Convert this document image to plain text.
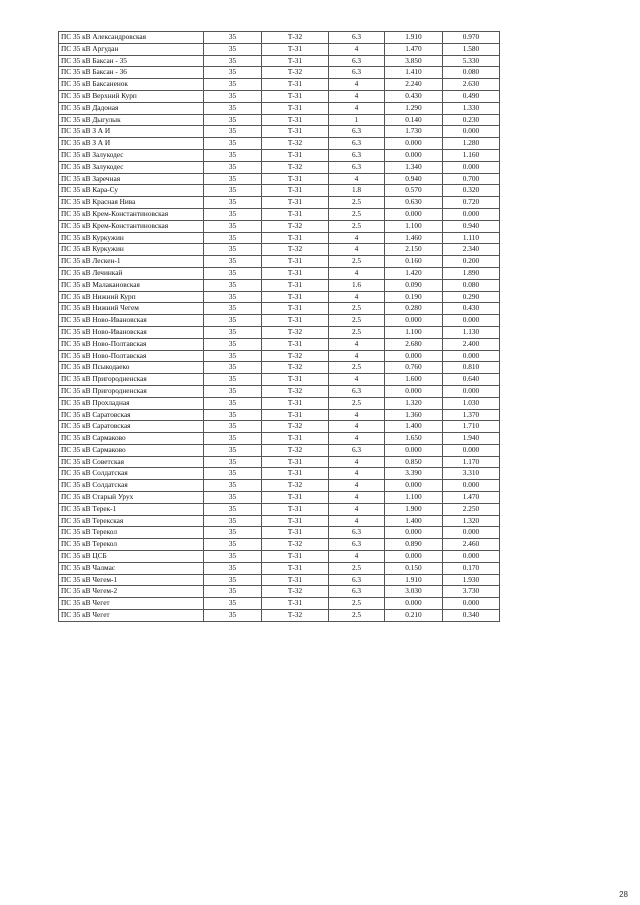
ПС 35 кВ Александровская	35	Т-32	6.3	1.910	0.970
ПС 35 кВ Аргудан	35	Т-31	4	1.470	1.580
ПС 35 кВ Баксан - 35	35	Т-31	6.3	3.850	5.330
ПС 35 кВ Баксан - 36	35	Т-32	6.3	1.410	0.080
ПС 35 кВ Баксаненок	35	Т-31	4	2.240	2.630
ПС 35 кВ Верхний Курп	35	Т-31	4	0.430	0.490
ПС 35 кВ Дадоная	35	Т-31	4	1.290	1.330
ПС 35 кВ Дыгулык	35	Т-31	1	0.140	0.230
ПС 35 кВ З А И	35	Т-31	6.3	1.730	0.000
ПС 35 кВ З А И	35	Т-32	6.3	0.000	1.280
ПС 35 кВ Залукодес	35	Т-31	6.3	0.000	1.160
ПС 35 кВ Залукодес	35	Т-32	6.3	1.340	0.000
ПС 35 кВ Заречная	35	Т-31	4	0.940	0.700
ПС 35 кВ Кара-Су	35	Т-31	1.8	0.570	0.320
ПС 35 кВ Красная Нива	35	Т-31	2.5	0.630	0.720
ПС 35 кВ Крем-Константиновская	35	Т-31	2.5	0.000	0.000
ПС 35 кВ Крем-Константиновская	35	Т-32	2.5	1.100	0.940
ПС 35 кВ Куркужин	35	Т-31	4	1.460	1.110
ПС 35 кВ Куркужин	35	Т-32	4	2.150	2.340
ПС 35 кВ Лескен-1	35	Т-31	2.5	0.160	0.200
ПС 35 кВ Лечинкай	35	Т-31	4	1.420	1.890
ПС 35 кВ Малакановская	35	Т-31	1.6	0.090	0.080
ПС 35 кВ Нижний Курп	35	Т-31	4	0.190	0.290
ПС 35 кВ Нижний Чегем	35	Т-31	2.5	0.280	0.430
ПС 35 кВ Ново-Ивановская	35	Т-31	2.5	0.000	0.000
ПС 35 кВ Ново-Ивановская	35	Т-32	2.5	1.100	1.130
ПС 35 кВ Ново-Полтавская	35	Т-31	4	2.680	2.400
ПС 35 кВ Ново-Полтавская	35	Т-32	4	0.000	0.000
ПС 35 кВ Псыкодаеко	35	Т-32	2.5	0.760	0.810
ПС 35 кВ Пригородненская	35	Т-31	4	1.600	0.640
ПС 35 кВ Пригородненская	35	Т-32	6.3	0.000	0.000
ПС 35 кВ Прохладная	35	Т-31	2.5	1.320	1.030
ПС 35 кВ Саратовская	35	Т-31	4	1.360	1.370
ПС 35 кВ Саратовская	35	Т-32	4	1.400	1.710
ПС 35 кВ Сармаково	35	Т-31	4	1.650	1.940
ПС 35 кВ Сармаково	35	Т-32	6.3	0.000	0.000
ПС 35 кВ Советская	35	Т-31	4	0.850	1.170
ПС 35 кВ Солдатская	35	Т-31	4	3.390	3.310
ПС 35 кВ Солдатская	35	Т-32	4	0.000	0.000
ПС 35 кВ Старый Урух	35	Т-31	4	1.100	1.470
ПС 35 кВ Терек-1	35	Т-31	4	1.900	2.250
ПС 35 кВ Терекская	35	Т-31	4	1.400	1.320
ПС 35 кВ Терекол	35	Т-31	6.3	0.000	0.000
ПС 35 кВ Терекол	35	Т-32	6.3	0.890	2.460
ПС 35 кВ ЦСБ	35	Т-31	4	0.000	0.000
ПС 35 кВ Чалмас	35	Т-31	2.5	0.150	0.170
ПС 35 кВ Чегем-1	35	Т-31	6.3	1.910	1.930
ПС 35 кВ Чегем-2	35	Т-32	6.3	3.030	3.730
ПС 35 кВ Чегет	35	Т-31	2.5	0.000	0.000
ПС 35 кВ Чегет	35	Т-32	2.5	0.210	0.340
28
